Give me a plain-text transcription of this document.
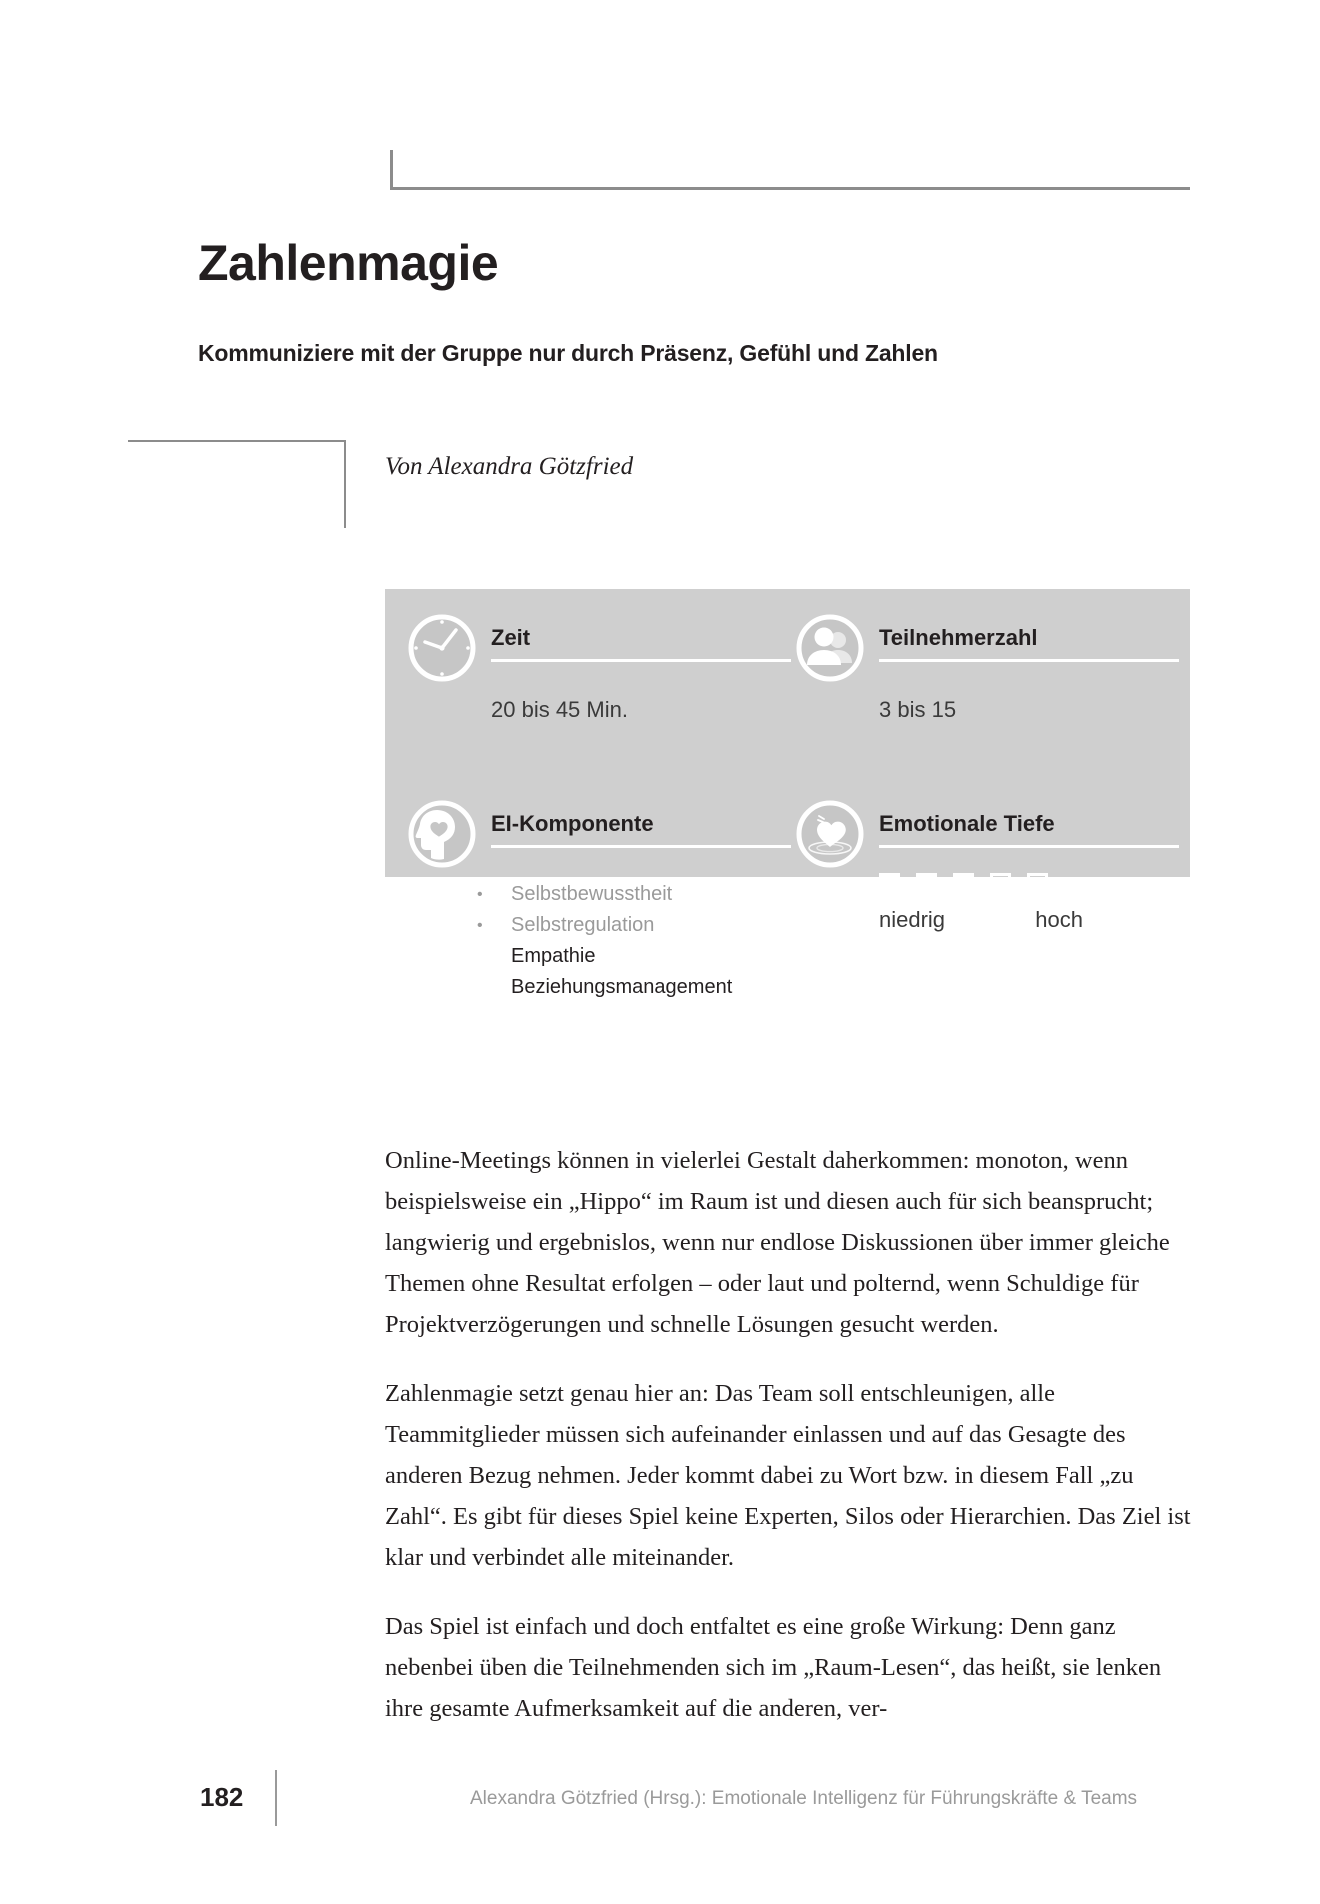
Zahlenmagie
Kommuniziere mit der Gruppe nur durch Präsenz, Gefühl und Zahlen
Von Alexandra Götzfried
Zeit
20 bis 45 Min.
Teilnehmerzahl
3 bis 15
EI-Komponente
•	Selbstbewusstheit
•	Selbstregulation
✔ Empathie
✔ Beziehungsmanagement
Emotionale Tiefe
niedrig	hoch

Online-Meetings können in vielerlei Gestalt daherkommen: monoton, wenn beispielsweise ein „Hippo“ im Raum ist und diesen auch für sich beansprucht; langwierig und ergebnislos, wenn nur endlose Diskussionen über immer gleiche Themen ohne Resultat erfolgen – oder laut und polternd, wenn Schuldige für Projektverzögerungen und schnelle Lösungen gesucht werden.

Zahlenmagie setzt genau hier an: Das Team soll entschleunigen, alle Teammitglieder müssen sich aufeinander einlassen und auf das Gesagte des anderen Bezug nehmen. Jeder kommt dabei zu Wort bzw. in diesem Fall „zu Zahl“. Es gibt für dieses Spiel keine Experten, Silos oder Hierarchien. Das Ziel ist klar und verbindet alle miteinander.

Das Spiel ist einfach und doch entfaltet es eine große Wirkung: Denn ganz nebenbei üben die Teilnehmenden sich im „Raum-Lesen“, das heißt, sie lenken ihre gesamte Aufmerksamkeit auf die anderen, ver-

182	Alexandra Götzfried (Hrsg.): Emotionale Intelligenz für Führungskräfte & Teams
